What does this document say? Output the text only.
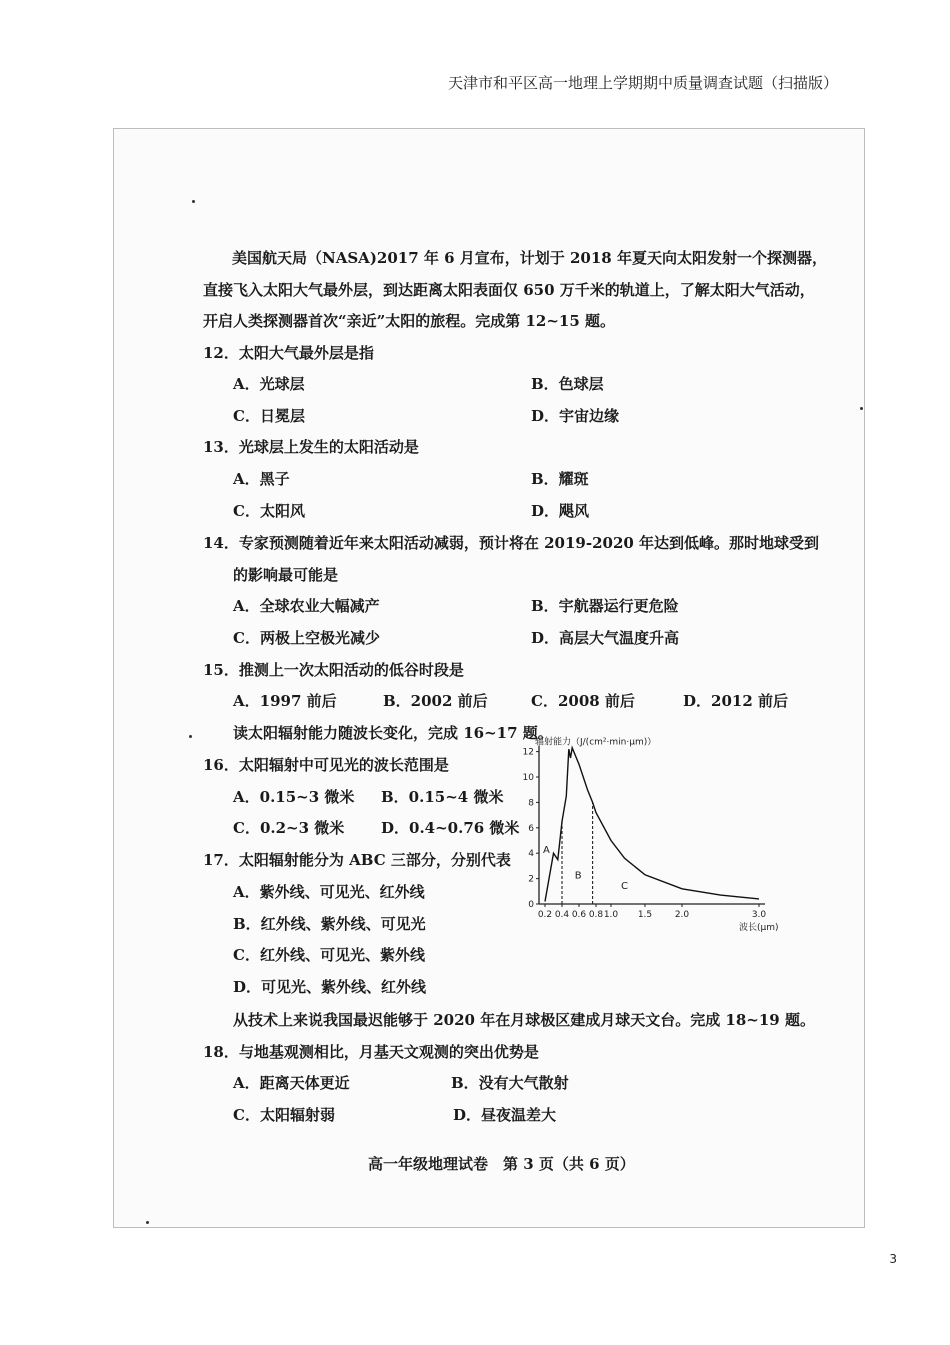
天津市和平区高一地理上学期期中质量调查试题（扫描版）
美国航天局（NASA)2017 年 6 月宣布，计划于 2018 年夏天向太阳发射一个探测器，
直接飞入太阳大气最外层，到达距离太阳表面仅 650 万千米的轨道上，了解太阳大气活动，
开启人类探测器首次“亲近”太阳的旅程。完成第 12~15 题。
12．太阳大气最外层是指
A．光球层	B．色球层
C．日冕层	D．宇宙边缘
13．光球层上发生的太阳活动是
A．黑子	B．耀斑
C．太阳风	D．飓风
14．专家预测随着近年来太阳活动减弱，预计将在 2019-2020 年达到低峰。那时地球受到
的影响最可能是
A．全球农业大幅减产	B．宇航器运行更危险
C．两极上空极光减少	D．高层大气温度升高
15．推测上一次太阳活动的低谷时段是
A．1997 前后	B．2002 前后	C．2008 前后	D．2012 前后
读太阳辐射能力随波长变化，完成 16~17 题。
16．太阳辐射中可见光的波长范围是
A．0.15~3 微米 B．0.15~4 微米
C．0.2~3 微米 D．0.4~0.76 微米
17．太阳辐射能分为 ABC 三部分，分别代表
A．紫外线、可见光、红外线
B．红外线、紫外线、可见光
C．红外线、可见光、紫外线
D．可见光、紫外线、红外线
从技术上来说我国最迟能够于 2020 年在月球极区建成月球天文台。完成 18~19 题。
18．与地基观测相比，月基天文观测的突出优势是
A．距离天体更近	B．没有大气散射
C．太阳辐射弱	D．昼夜温差大
高一年级地理试卷　第 3 页（共 6 页）
3
0
2
4
6
8
10
12
0.2 0.4 0.6 0.8 1.0 1.5	2.0	3.0
辐射能力（J/(cm²·min·μm)）
波长(μm)
A
B
C
